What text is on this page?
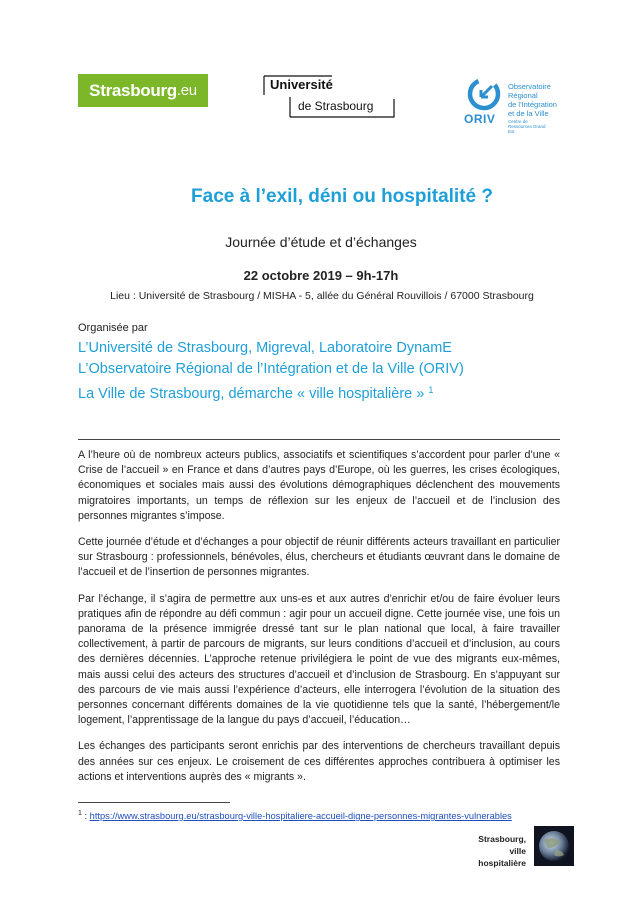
Strasbourg .eu	Université
de Strasbourg
Observatoire
Régional
de l'Intégration
et de la Ville
ORIV	Centre de Ressources Grand Est
Face à l’exil, déni ou hospitalité ?
Journée d’étude et d’échanges
22 octobre 2019 – 9h-17h
Lieu : Université de Strasbourg / MISHA - 5, allée du Général Rouvillois / 67000 Strasbourg
Organisée par
L’Université de Strasbourg, Migreval, Laboratoire DynamE
L’Observatoire Régional de l’Intégration et de la Ville (ORIV)
La Ville de Strasbourg, démarche « ville hospitalière » $^1$

A l’heure où de nombreux acteurs publics, associatifs et scientifiques s’accordent pour parler d’une « Crise de l’accueil » en France et dans d’autres pays d’Europe, où les guerres, les crises écologiques, économiques et sociales mais aussi des évolutions démographiques déclenchent des mouvements migratoires importants, un temps de réflexion sur les enjeux de l’accueil et de l’inclusion des personnes migrantes s’impose.

Cette journée d’étude et d’échanges a pour objectif de réunir différents acteurs travaillant en particulier sur Strasbourg : professionnels, bénévoles, élus, chercheurs et étudiants œuvrant dans le domaine de l’accueil et de l’insertion de personnes migrantes.

Par l’échange, il s’agira de permettre aux uns-es et aux autres d’enrichir et/ou de faire évoluer leurs pratiques afin de répondre au défi commun : agir pour un accueil digne. Cette journée vise, une fois un panorama de la présence immigrée dressé tant sur le plan national que local, à faire travailler collectivement, à partir de parcours de migrants, sur leurs conditions d’accueil et d’inclusion, au cours des dernières décennies. L’approche retenue privilégiera le point de vue des migrants eux-mêmes, mais aussi celui des acteurs des structures d’accueil et d’inclusion de Strasbourg. En s’appuyant sur des parcours de vie mais aussi l’expérience d’acteurs, elle interrogera l’évolution de la situation des personnes concernant différents domaines de la vie quotidienne tels que la santé, l’hébergement/le logement, l’apprentissage de la langue du pays d’accueil, l’éducation…

Les échanges des participants seront enrichis par des interventions de chercheurs travaillant depuis des années sur ces enjeux. Le croisement de ces différentes approches contribuera à optimiser les actions et interventions auprès des « migrants ».

$^1$ : https://www.strasbourg.eu/strasbourg-ville-hospitaliere-accueil-digne-personnes-migrantes-vulnerables
Strasbourg,
ville hospitalière
